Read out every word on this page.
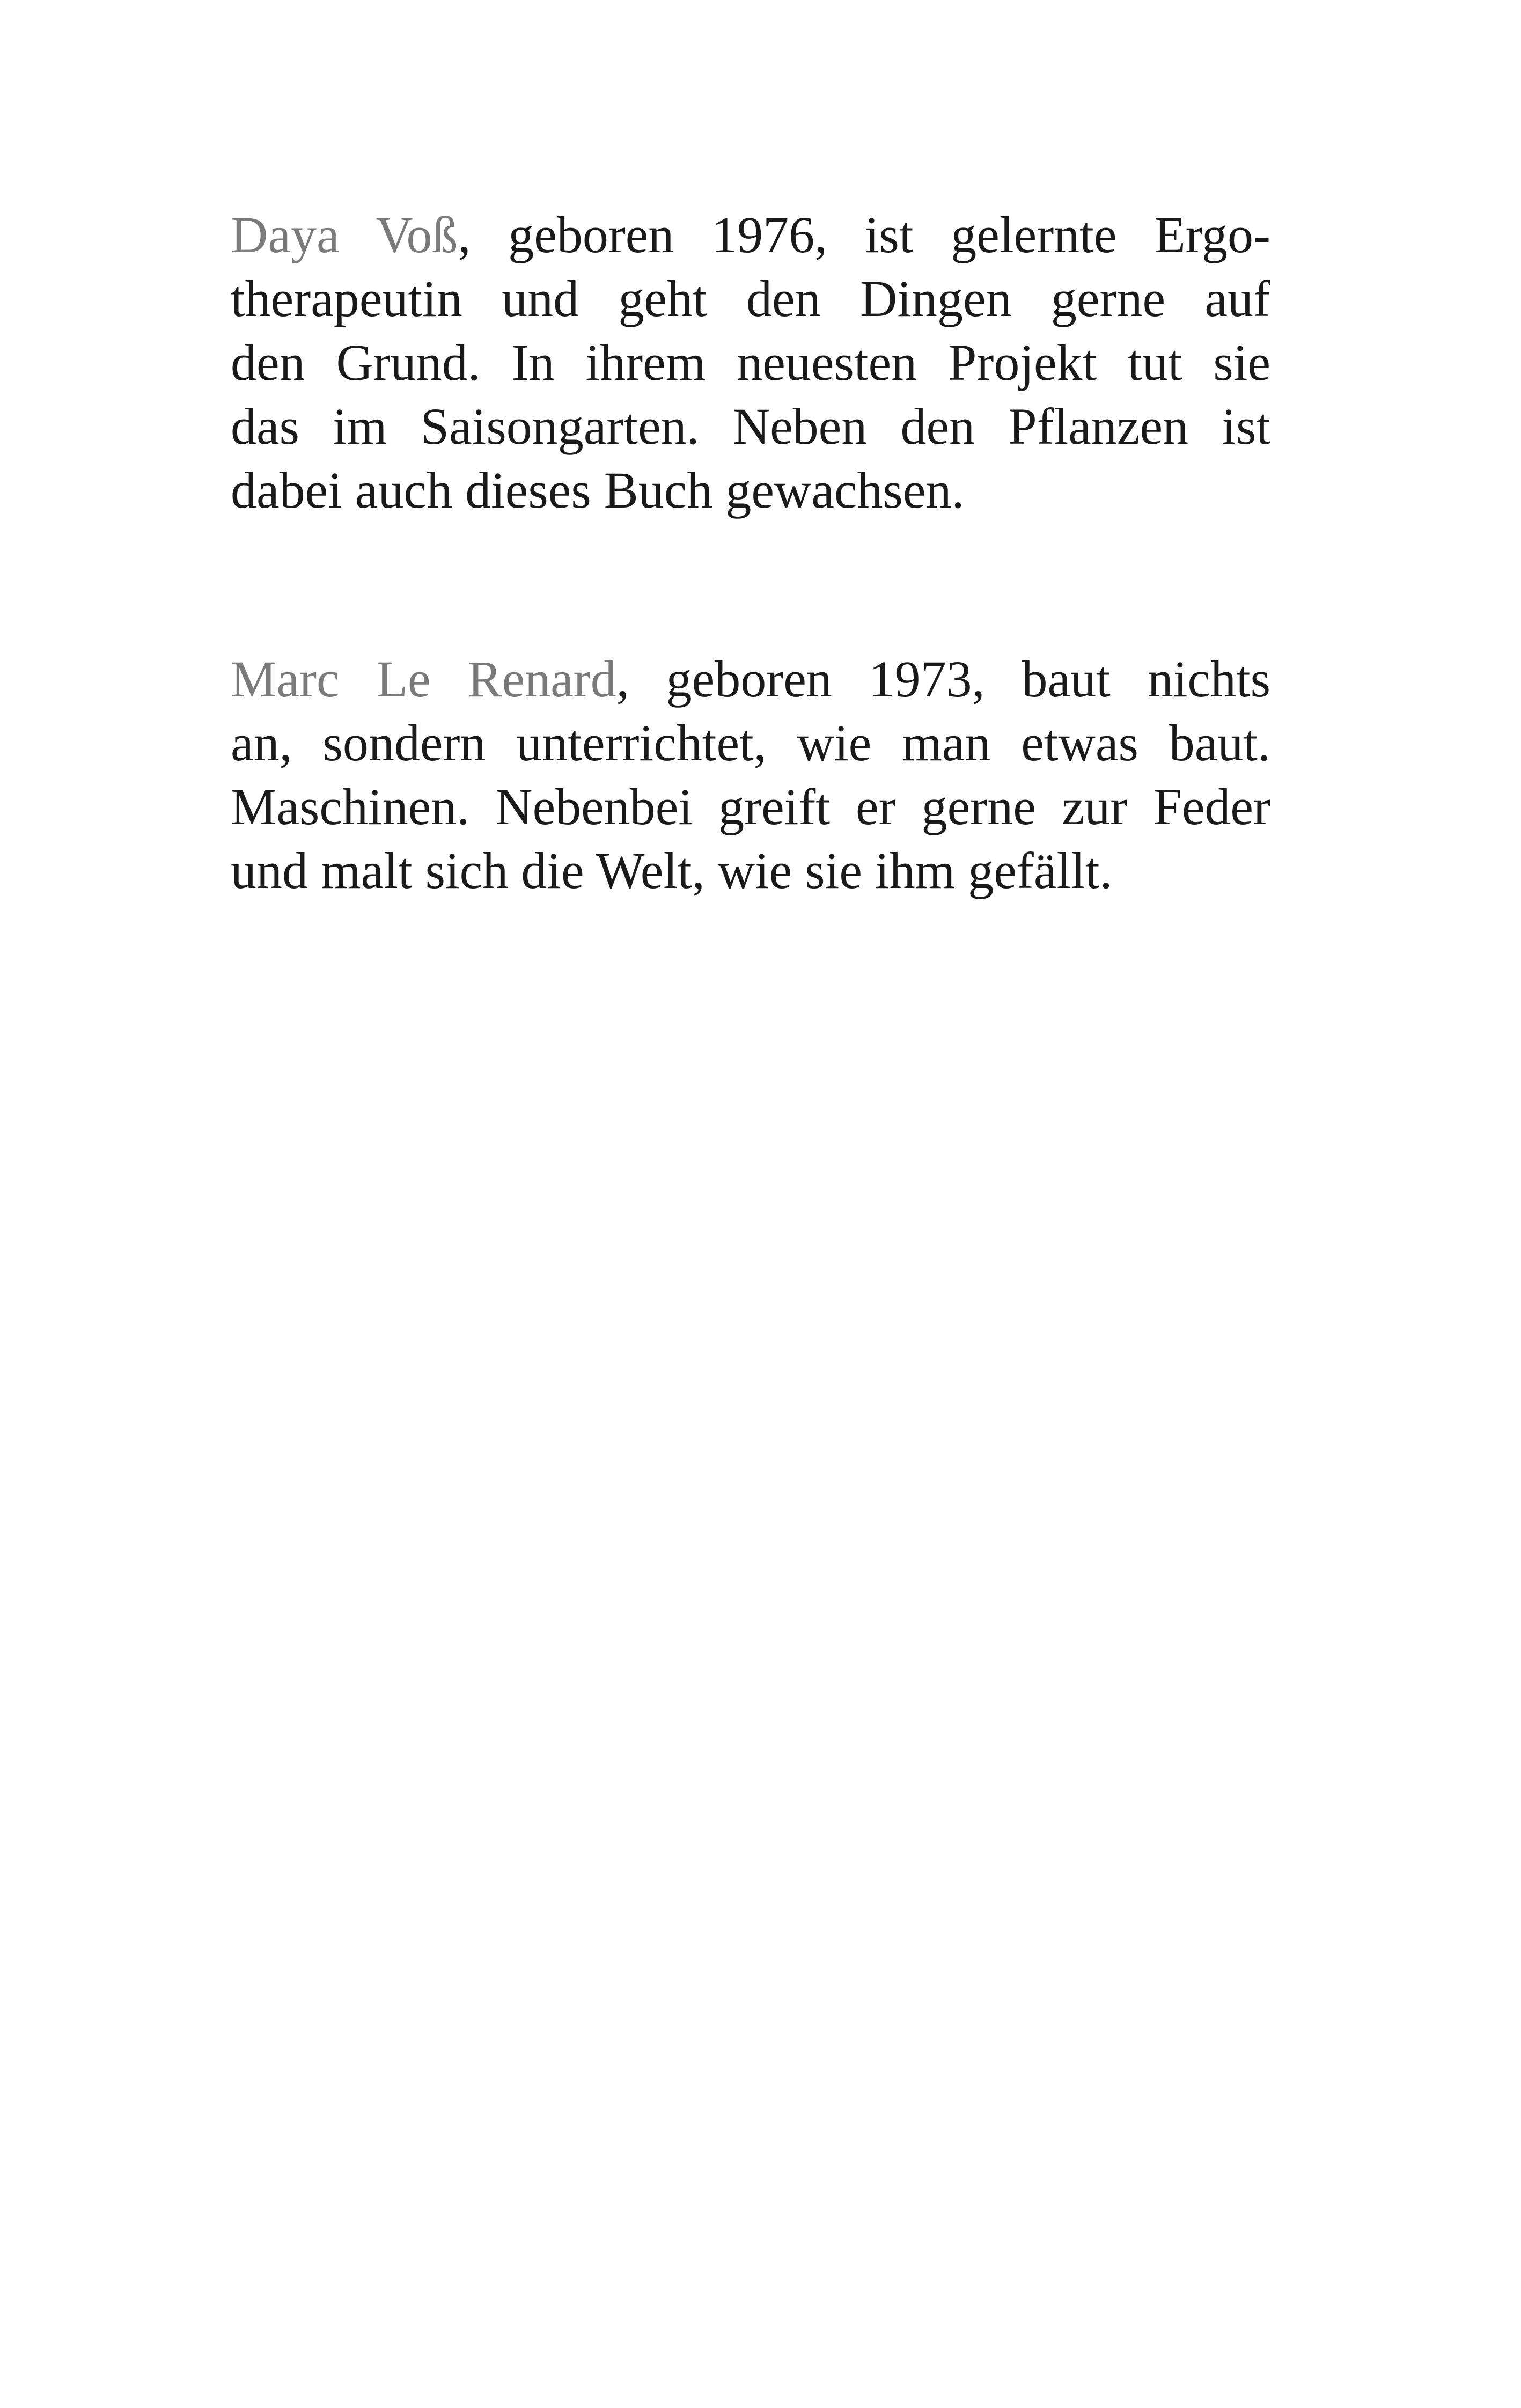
Daya Voß, geboren 1976, ist gelernte Ergo-
therapeutin und geht den Dingen gerne auf
den Grund. In ihrem neuesten Projekt tut sie
das im Saisongarten. Neben den Pflanzen ist
dabei auch dieses Buch gewachsen.

Marc Le Renard, geboren 1973, baut nichts
an, sondern unterrichtet, wie man etwas baut.
Maschinen. Nebenbei greift er gerne zur Feder
und malt sich die Welt, wie sie ihm gefällt.
